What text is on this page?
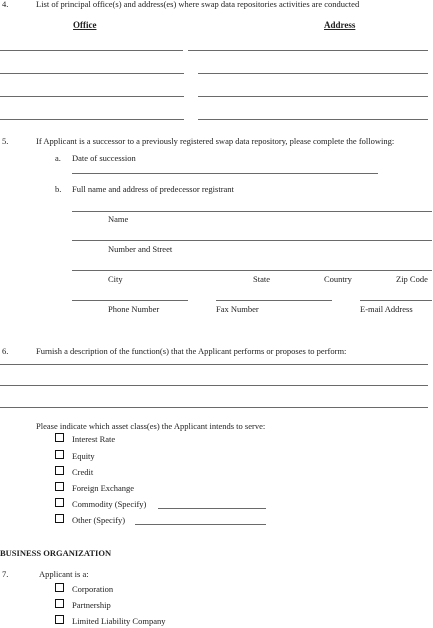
4.	List of principal office(s) and address(es) where swap data repositories activities are conducted
Office	Address
5.	If Applicant is a successor to a previously registered swap data repository, please complete the following:
a. Date of succession
b. Full name and address of predecessor registrant
Name
Number and Street
City	State	Country	Zip Code
Phone Number	Fax Number	E-mail Address
6.	Furnish a description of the function(s) that the Applicant performs or proposes to perform:
Please indicate which asset class(es) the Applicant intends to serve:
Interest Rate
Equity
Credit
Foreign Exchange
Commodity (Specify)
Other (Specify)
BUSINESS ORGANIZATION
7.	Applicant is a:
Corporation
Partnership
Limited Liability Company
